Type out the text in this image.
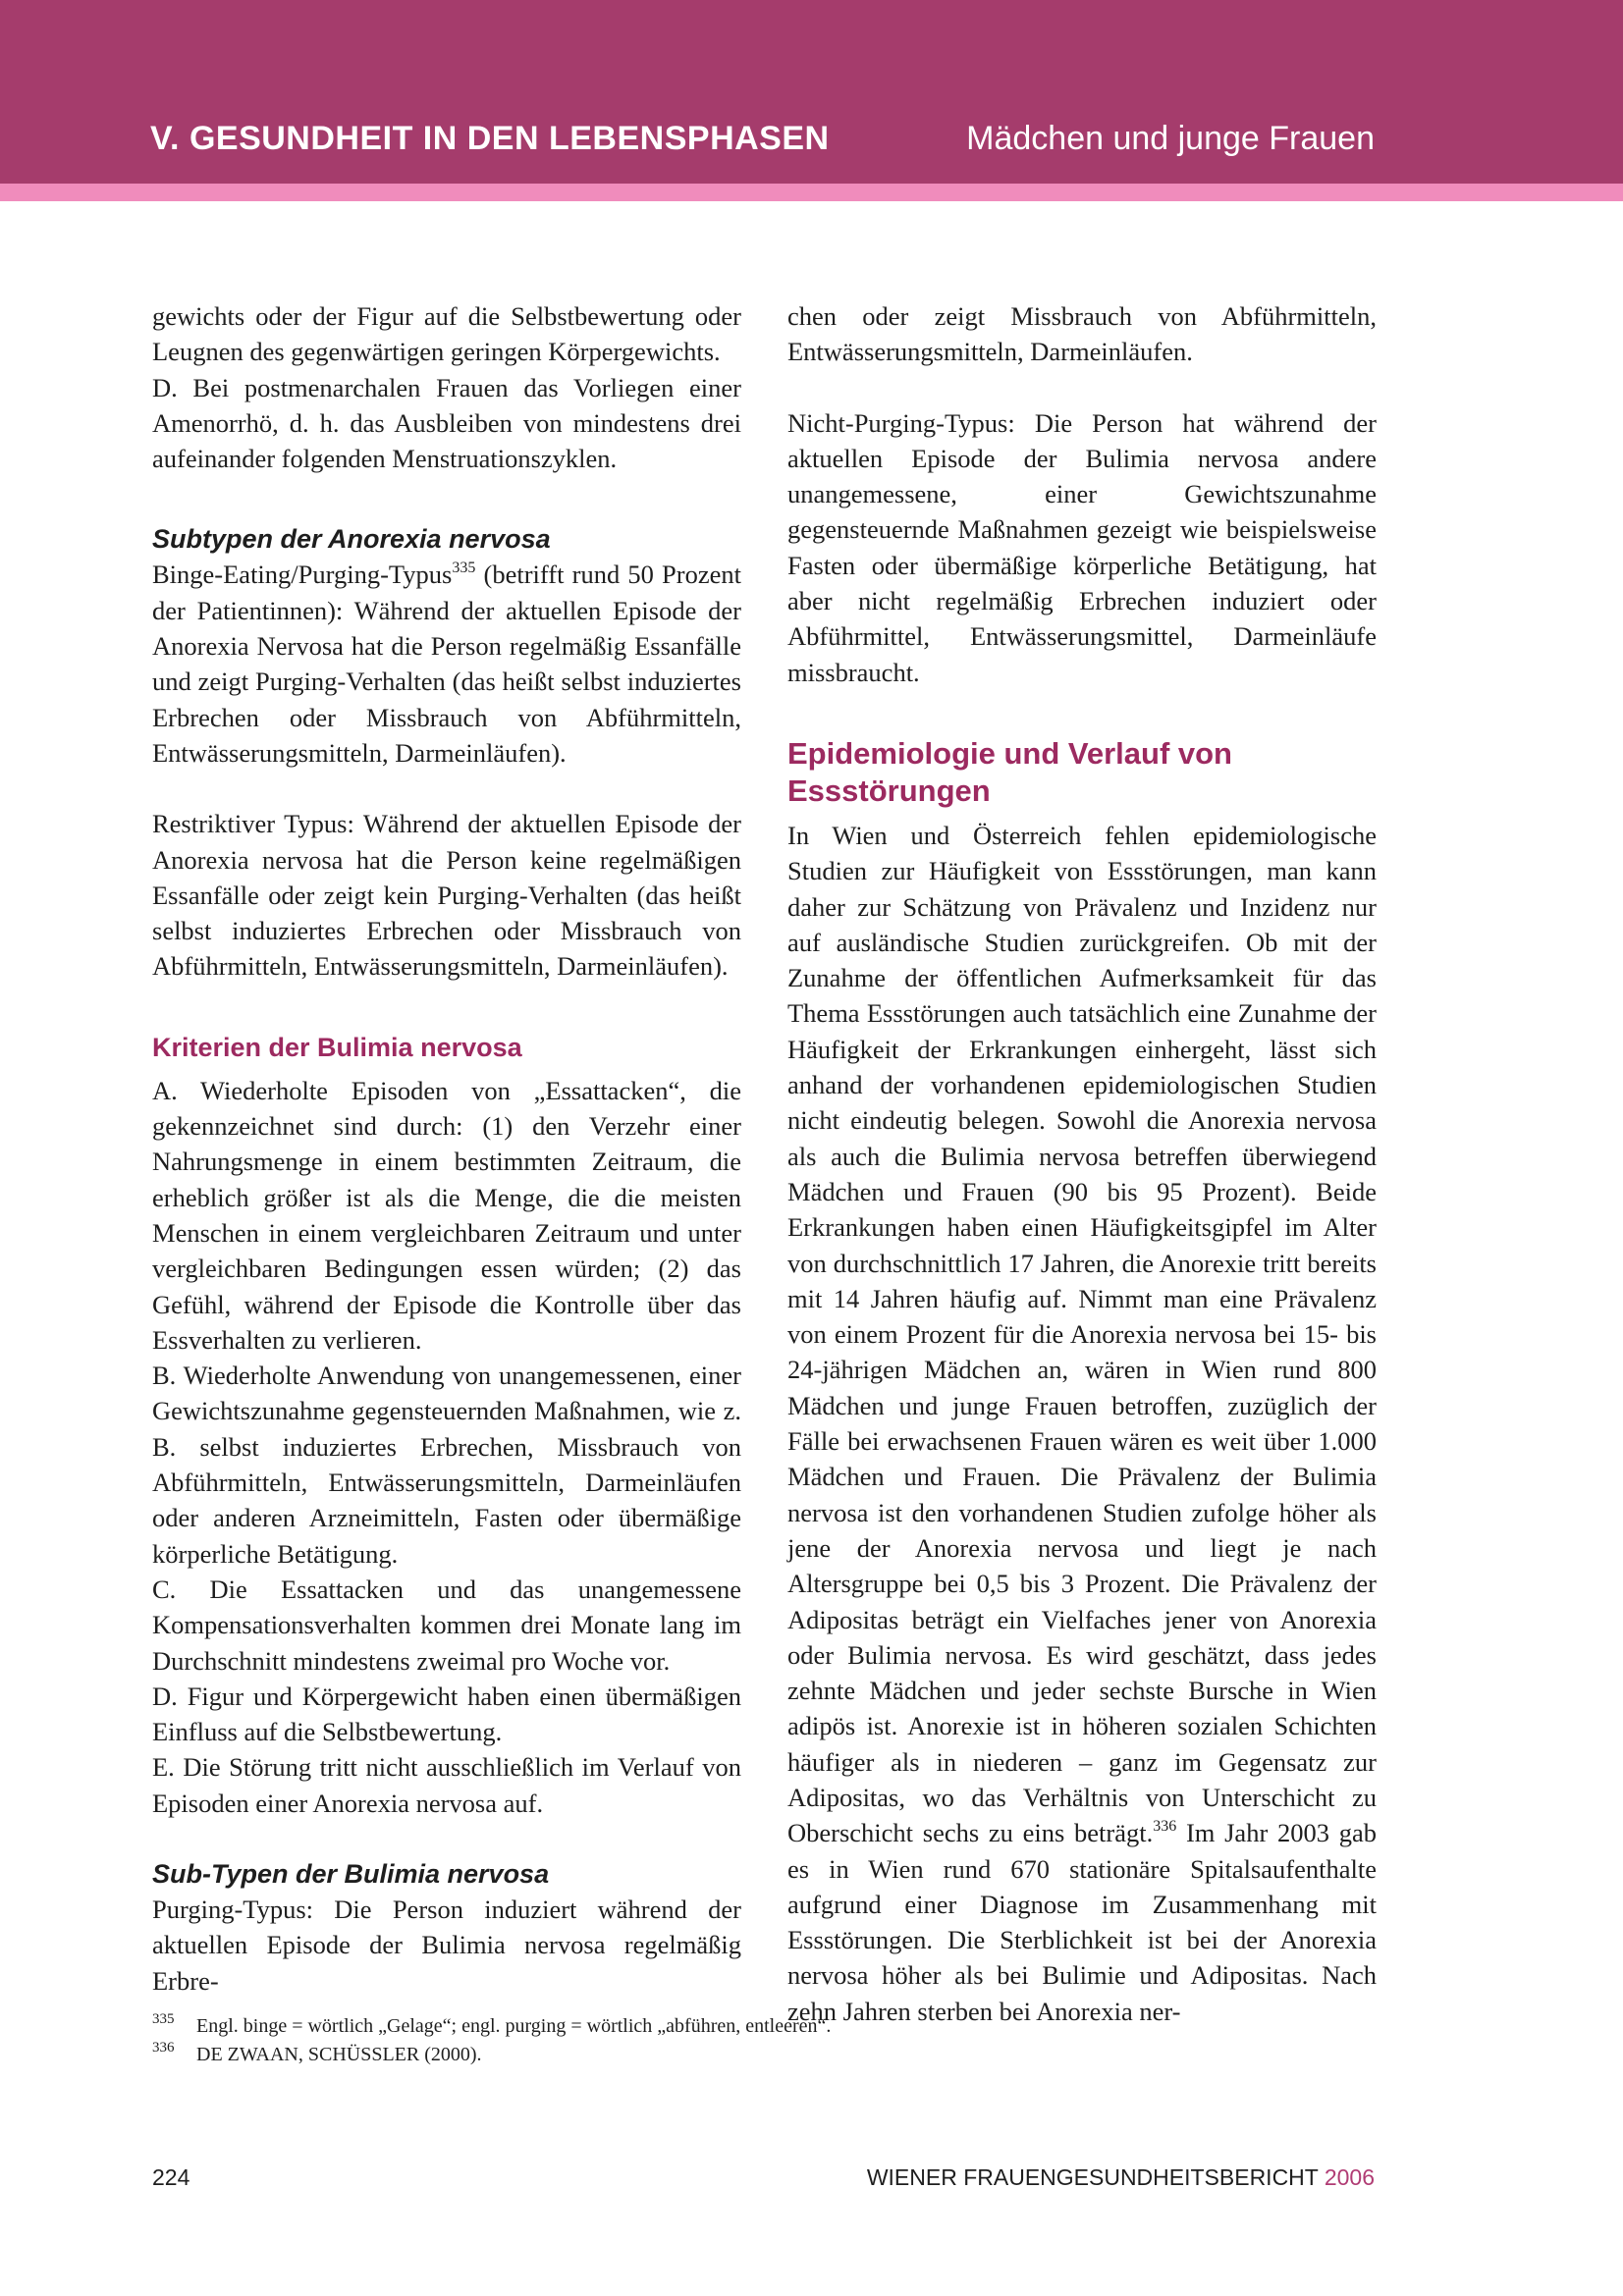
V. GESUNDHEIT IN DEN LEBENSPHASEN	Mädchen und junge Frauen

gewichts oder der Figur auf die Selbstbewertung oder Leugnen des gegenwärtigen geringen Körpergewichts.

D. Bei postmenarchalen Frauen das Vorliegen einer Amenorrhö, d. h. das Ausbleiben von mindestens drei aufeinander folgenden Menstruationszyklen.

Subtypen der Anorexia nervosa

Binge-Eating/Purging-Typus$^{335}$ (betrifft rund 50 Prozent der Patientinnen): Während der aktuellen Episode der Anorexia Nervosa hat die Person regelmäßig Essanfälle und zeigt Purging-Verhalten (das heißt selbst induziertes Erbrechen oder Missbrauch von Abführmitteln, Entwässerungsmitteln, Darmeinläufen).

Restriktiver Typus: Während der aktuellen Episode der Anorexia nervosa hat die Person keine regelmäßigen Essanfälle oder zeigt kein Purging-Verhalten (das heißt selbst induziertes Erbrechen oder Missbrauch von Abführmitteln, Entwässerungsmitteln, Darmeinläufen).

Kriterien der Bulimia nervosa

A. Wiederholte Episoden von „Essattacken“, die gekennzeichnet sind durch: (1) den Verzehr einer Nahrungsmenge in einem bestimmten Zeitraum, die erheblich größer ist als die Menge, die die meisten Menschen in einem vergleichbaren Zeitraum und unter vergleichbaren Bedingungen essen würden; (2) das Gefühl, während der Episode die Kontrolle über das Essverhalten zu verlieren.

B. Wiederholte Anwendung von unangemessenen, einer Gewichtszunahme gegensteuernden Maßnahmen, wie z. B. selbst induziertes Erbrechen, Missbrauch von Abführmitteln, Entwässerungsmitteln, Darmeinläufen oder anderen Arzneimitteln, Fasten oder übermäßige körperliche Betätigung.

C. Die Essattacken und das unangemessene Kompensationsverhalten kommen drei Monate lang im Durchschnitt mindestens zweimal pro Woche vor.

D. Figur und Körpergewicht haben einen übermäßigen Einfluss auf die Selbstbewertung.

E. Die Störung tritt nicht ausschließlich im Verlauf von Episoden einer Anorexia nervosa auf.

Sub-Typen der Bulimia nervosa

Purging-Typus: Die Person induziert während der aktuellen Episode der Bulimia nervosa regelmäßig Erbre-

chen oder zeigt Missbrauch von Abführmitteln, Entwässerungsmitteln, Darmeinläufen.

Nicht-Purging-Typus: Die Person hat während der aktuellen Episode der Bulimia nervosa andere unangemessene, einer Gewichtszunahme gegensteuernde Maßnahmen gezeigt wie beispielsweise Fasten oder übermäßige körperliche Betätigung, hat aber nicht regelmäßig Erbrechen induziert oder Abführmittel, Entwässerungsmittel, Darmeinläufe missbraucht.

Epidemiologie und Verlauf von Essstörungen

In Wien und Österreich fehlen epidemiologische Studien zur Häufigkeit von Essstörungen, man kann daher zur Schätzung von Prävalenz und Inzidenz nur auf ausländische Studien zurückgreifen. Ob mit der Zunahme der öffentlichen Aufmerksamkeit für das Thema Essstörungen auch tatsächlich eine Zunahme der Häufigkeit der Erkrankungen einhergeht, lässt sich anhand der vorhandenen epidemiologischen Studien nicht eindeutig belegen. Sowohl die Anorexia nervosa als auch die Bulimia nervosa betreffen überwiegend Mädchen und Frauen (90 bis 95 Prozent). Beide Erkrankungen haben einen Häufigkeitsgipfel im Alter von durchschnittlich 17 Jahren, die Anorexie tritt bereits mit 14 Jahren häufig auf. Nimmt man eine Prävalenz von einem Prozent für die Anorexia nervosa bei 15- bis 24-jährigen Mädchen an, wären in Wien rund 800 Mädchen und junge Frauen betroffen, zuzüglich der Fälle bei erwachsenen Frauen wären es weit über 1.000 Mädchen und Frauen. Die Prävalenz der Bulimia nervosa ist den vorhandenen Studien zufolge höher als jene der Anorexia nervosa und liegt je nach Altersgruppe bei 0,5 bis 3 Prozent. Die Prävalenz der Adipositas beträgt ein Vielfaches jener von Anorexia oder Bulimia nervosa. Es wird geschätzt, dass jedes zehnte Mädchen und jeder sechste Bursche in Wien adipös ist. Anorexie ist in höheren sozialen Schichten häufiger als in niederen – ganz im Gegensatz zur Adipositas, wo das Verhältnis von Unterschicht zu Oberschicht sechs zu eins beträgt.$^{336}$ Im Jahr 2003 gab es in Wien rund 670 stationäre Spitalsaufenthalte aufgrund einer Diagnose im Zusammenhang mit Essstörungen. Die Sterblichkeit ist bei der Anorexia nervosa höher als bei Bulimie und Adipositas. Nach zehn Jahren sterben bei Anorexia ner-

335 Engl. binge = wörtlich „Gelage“; engl. purging = wörtlich „abführen, entleeren“.
336 DE ZWAAN, SCHÜSSLER (2000).
224	WIENER FRAUENGESUNDHEITSBERICHT 2006
